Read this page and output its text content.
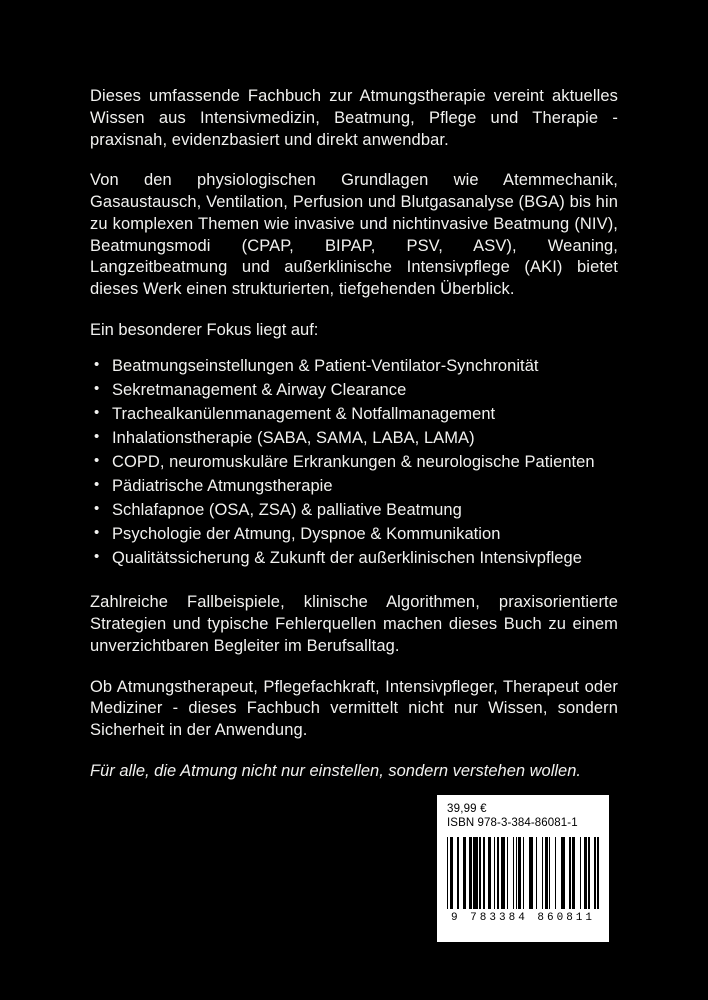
Dieses umfassende Fachbuch zur Atmungstherapie vereint aktuelles Wissen aus Intensivmedizin, Beatmung, Pflege und Therapie - praxisnah, evidenzbasiert und direkt anwendbar.

Von den physiologischen Grundlagen wie Atemmechanik, Gasaustausch, Ventilation, Perfusion und Blutgasanalyse (BGA) bis hin zu komplexen Themen wie invasive und nichtinvasive Beatmung (NIV), Beatmungsmodi (CPAP, BIPAP, PSV, ASV), Weaning, Langzeitbeatmung und außerklinische Intensivpflege (AKI) bietet dieses Werk einen strukturierten, tiefgehenden Überblick.

Ein besonderer Fokus liegt auf:

• Beatmungseinstellungen & Patient-Ventilator-Synchronität
• Sekretmanagement & Airway Clearance
• Trachealkanülenmanagement & Notfallmanagement
• Inhalationstherapie (SABA, SAMA, LABA, LAMA)
• COPD, neuromuskuläre Erkrankungen & neurologische Patienten
• Pädiatrische Atmungstherapie
• Schlafapnoe (OSA, ZSA) & palliative Beatmung
• Psychologie der Atmung, Dyspnoe & Kommunikation
• Qualitätssicherung & Zukunft der außerklinischen Intensivpflege

Zahlreiche Fallbeispiele, klinische Algorithmen, praxisorientierte Strategien und typische Fehlerquellen machen dieses Buch zu einem unverzichtbaren Begleiter im Berufsalltag.

Ob Atmungstherapeut, Pflegefachkraft, Intensivpfleger, Therapeut oder Mediziner - dieses Fachbuch vermittelt nicht nur Wissen, sondern Sicherheit in der Anwendung.

Für alle, die Atmung nicht nur einstellen, sondern verstehen wollen.

39,99 €
ISBN 978-3-384-86081-1
9 783384 860811
